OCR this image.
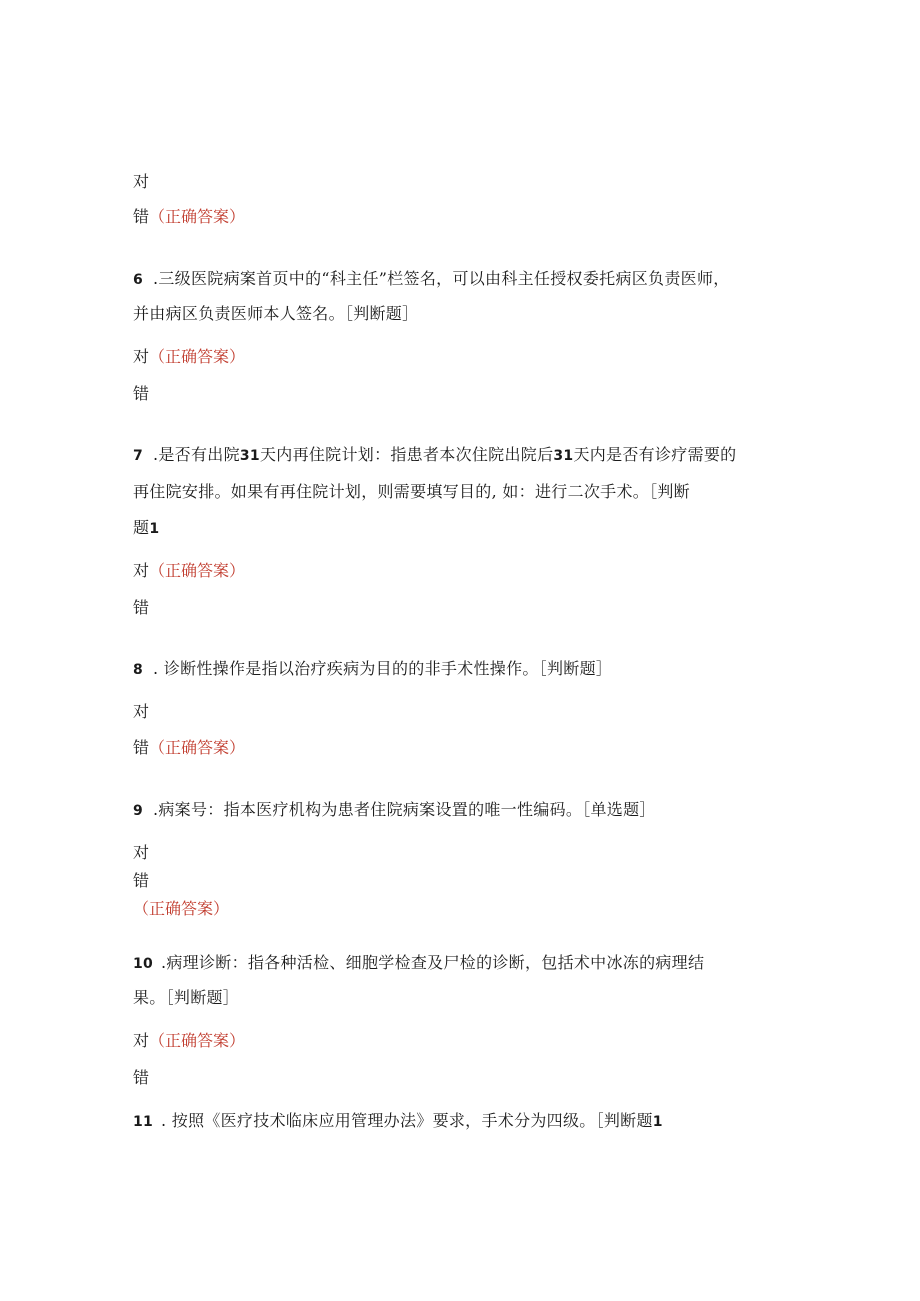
对
错（正确答案）
6 .三级医院病案首页中的“科主任”栏签名，可以由科主任授权委托病区负责医师，
并由病区负责医师本人签名。［判断题］
对（正确答案）
错
7 .是否有出院31天内再住院计划：指患者本次住院出院后31天内是否有诊疗需要的
再住院安排。如果有再住院计划，则需要填写目的, 如：进行二次手术。［判断
题1
对（正确答案）
错
8 . 诊断性操作是指以治疗疾病为目的的非手术性操作。［判断题］
对
错（正确答案）
9 .病案号：指本医疗机构为患者住院病案设置的唯一性编码。［单选题］
对
错
（正确答案）
10 .病理诊断：指各种活检、细胞学检查及尸检的诊断，包括术中冰冻的病理结
果。［判断题］
对（正确答案）
错
11 . 按照《医疗技术临床应用管理办法》要求，手术分为四级。［判断题1
